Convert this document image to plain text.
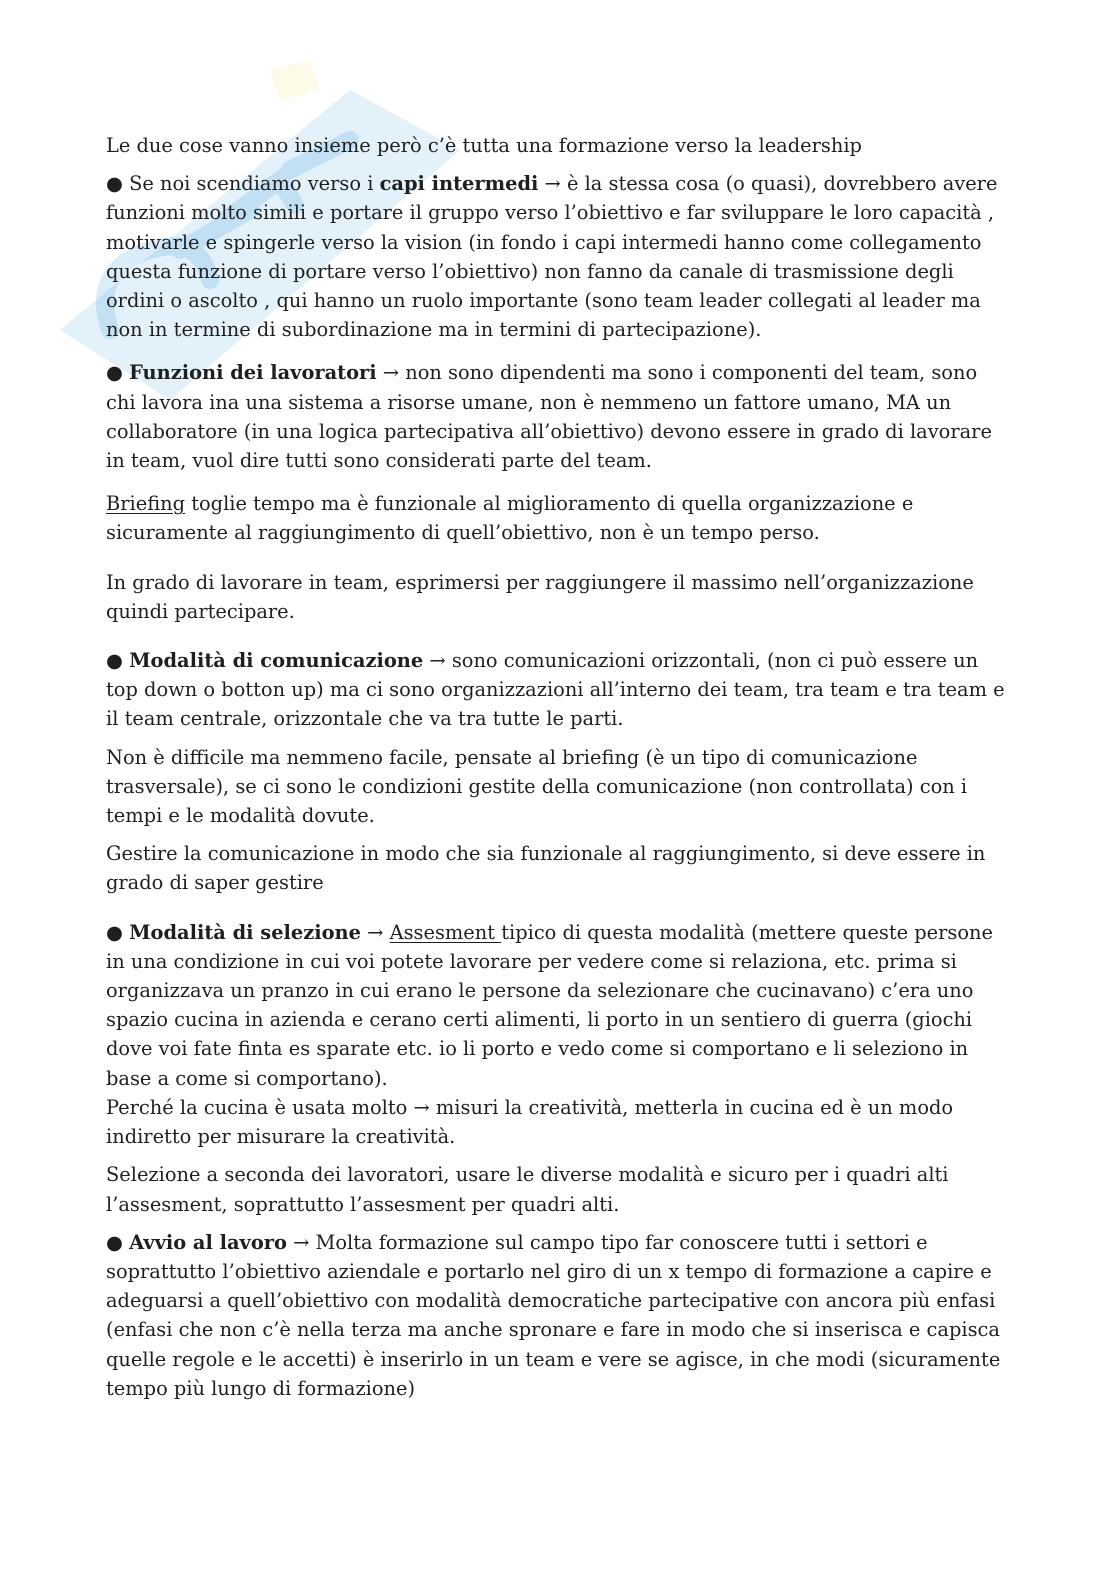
Le due cose vanno insieme però c’è tutta una formazione verso la leadership

● Se noi scendiamo verso i capi intermedi → è la stessa cosa (o quasi), dovrebbero avere funzioni molto simili e portare il gruppo verso l’obiettivo e far sviluppare le loro capacità , motivarle e spingerle verso la vision (in fondo i capi intermedi hanno come collegamento questa funzione di portare verso l’obiettivo) non fanno da canale di trasmissione degli ordini o ascolto , qui hanno un ruolo importante (sono team leader collegati al leader ma non in termine di subordinazione ma in termini di partecipazione).

● Funzioni dei lavoratori → non sono dipendenti ma sono i componenti del team, sono chi lavora ina una sistema a risorse umane, non è nemmeno un fattore umano, MA un collaboratore (in una logica partecipativa all’obiettivo) devono essere in grado di lavorare in team, vuol dire tutti sono considerati parte del team.

Briefing toglie tempo ma è funzionale al miglioramento di quella organizzazione e sicuramente al raggiungimento di quell’obiettivo, non è un tempo perso.

In grado di lavorare in team, esprimersi per raggiungere il massimo nell’organizzazione quindi partecipare.

● Modalità di comunicazione → sono comunicazioni orizzontali, (non ci può essere un top down o botton up) ma ci sono organizzazioni all’interno dei team, tra team e tra team e il team centrale, orizzontale che va tra tutte le parti.

Non è difficile ma nemmeno facile, pensate al briefing (è un tipo di comunicazione trasversale), se ci sono le condizioni gestite della comunicazione (non controllata) con i tempi e le modalità dovute.

Gestire la comunicazione in modo che sia funzionale al raggiungimento, si deve essere in grado di saper gestire

● Modalità di selezione → Assesment tipico di questa modalità (mettere queste persone in una condizione in cui voi potete lavorare per vedere come si relaziona, etc. prima si organizzava un pranzo in cui erano le persone da selezionare che cucinavano) c’era uno spazio cucina in azienda e cerano certi alimenti, li porto in un sentiero di guerra (giochi dove voi fate finta es sparate etc. io li porto e vedo come si comportano e li seleziono in base a come si comportano).

Perché la cucina è usata molto → misuri la creatività, metterla in cucina ed è un modo indiretto per misurare la creatività.

Selezione a seconda dei lavoratori, usare le diverse modalità e sicuro per i quadri alti l’assesment, soprattutto l’assesment per quadri alti.

● Avvio al lavoro → Molta formazione sul campo tipo far conoscere tutti i settori e soprattutto l’obiettivo aziendale e portarlo nel giro di un x tempo di formazione a capire e adeguarsi a quell’obiettivo con modalità democratiche partecipative con ancora più enfasi (enfasi che non c’è nella terza ma anche spronare e fare in modo che si inserisca e capisca quelle regole e le accetti) è inserirlo in un team e vere se agisce, in che modi (sicuramente tempo più lungo di formazione)
